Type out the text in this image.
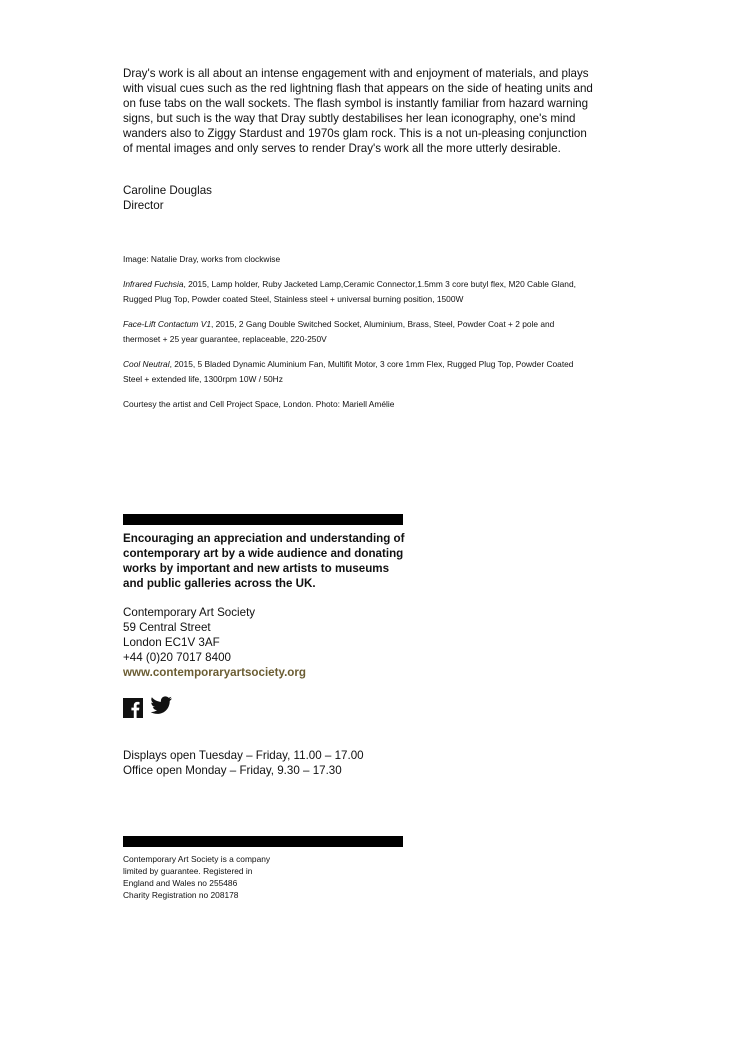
Dray's work is all about an intense engagement with and enjoyment of materials, and plays with visual cues such as the red lightning flash that appears on the side of heating units and on fuse tabs on the wall sockets. The flash symbol is instantly familiar from hazard warning signs, but such is the way that Dray subtly destabilises her lean iconography, one's mind wanders also to Ziggy Stardust and 1970s glam rock. This is a not un-pleasing conjunction of mental images and only serves to render Dray's work all the more utterly desirable.

Caroline Douglas
Director

Image: Natalie Dray, works from clockwise

Infrared Fuchsia, 2015, Lamp holder, Ruby Jacketed Lamp,Ceramic Connector,1.5mm 3 core butyl flex, M20 Cable Gland, Rugged Plug Top, Powder coated Steel, Stainless steel + universal burning position, 1500W

Face-Lift Contactum V1, 2015, 2 Gang Double Switched Socket, Aluminium, Brass, Steel, Powder Coat + 2 pole and thermoset + 25 year guarantee, replaceable, 220-250V

Cool Neutral, 2015, 5 Bladed Dynamic Aluminium Fan, Multifit Motor, 3 core 1mm Flex, Rugged Plug Top, Powder Coated Steel + extended life, 1300rpm 10W / 50Hz

Courtesy the artist and Cell Project Space, London. Photo: Mariell Amélie

Encouraging an appreciation and understanding of contemporary art by a wide audience and donating works by important and new artists to museums and public galleries across the UK.
Contemporary Art Society
59 Central Street
London EC1V 3AF
+44 (0)20 7017 8400
www.contemporaryartsociety.org
Displays open Tuesday – Friday, 11.00 – 17.00
Office open Monday – Friday, 9.30 – 17.30
Contemporary Art Society is a company
limited by guarantee. Registered in
England and Wales no 255486
Charity Registration no 208178
